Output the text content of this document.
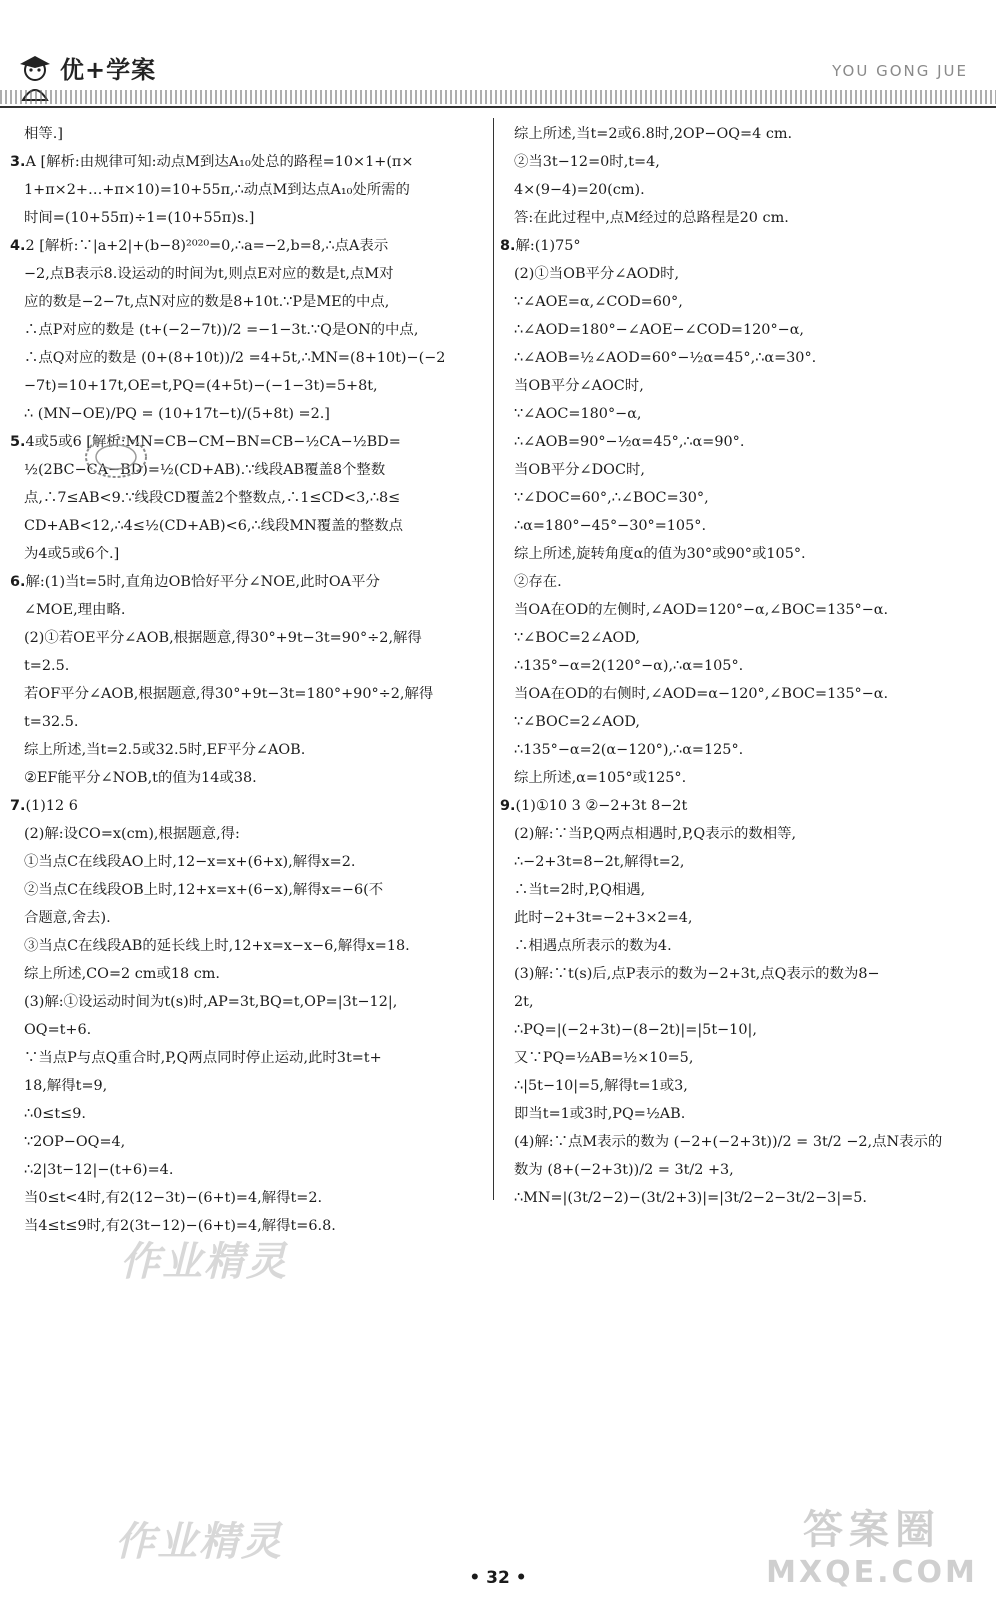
优+学案	YOU GONG JUE
相等.]
3.A [解析:由规律可知:动点M到达A₁₀处总的路程=10×1+(π×
1+π×2+…+π×10)=10+55π,∴动点M到达点A₁₀处所需的
时间=(10+55π)÷1=(10+55π)s.]
4.2 [解析:∵|a+2|+(b−8)²⁰²⁰=0,∴a=−2,b=8,∴点A表示
−2,点B表示8.设运动的时间为t,则点E对应的数是t,点M对
应的数是−2−7t,点N对应的数是8+10t.∵P是ME的中点,
∴点P对应的数是 (t+(−2−7t))/2 =−1−3t.∵Q是ON的中点,
∴点Q对应的数是 (0+(8+10t))/2 =4+5t,∴MN=(8+10t)−(−2
−7t)=10+17t,OE=t,PQ=(4+5t)−(−1−3t)=5+8t,
∴ (MN−OE)/PQ = (10+17t−t)/(5+8t) =2.]
5.4或5或6 [解析:MN=CB−CM−BN=CB−½CA−½BD=
½(2BC−CA−BD)=½(CD+AB).∵线段AB覆盖8个整数
点,∴7≤AB<9.∵线段CD覆盖2个整数点,∴1≤CD<3,∴8≤
CD+AB<12,∴4≤½(CD+AB)<6,∴线段MN覆盖的整数点
为4或5或6个.]
6.解:(1)当t=5时,直角边OB恰好平分∠NOE,此时OA平分
∠MOE,理由略.
(2)①若OE平分∠AOB,根据题意,得30°+9t−3t=90°÷2,解得
t=2.5.
若OF平分∠AOB,根据题意,得30°+9t−3t=180°+90°÷2,解得
t=32.5.
综上所述,当t=2.5或32.5时,EF平分∠AOB.
②EF能平分∠NOB,t的值为14或38.
7.(1)12 6
(2)解:设CO=x(cm),根据题意,得:
①当点C在线段AO上时,12−x=x+(6+x),解得x=2.
②当点C在线段OB上时,12+x=x+(6−x),解得x=−6(不
合题意,舍去).
③当点C在线段AB的延长线上时,12+x=x−x−6,解得x=18.
综上所述,CO=2 cm或18 cm.
(3)解:①设运动时间为t(s)时,AP=3t,BQ=t,OP=|3t−12|,
OQ=t+6.
∵当点P与点Q重合时,P,Q两点同时停止运动,此时3t=t+
18,解得t=9,
∴0≤t≤9.
∵2OP−OQ=4,
∴2|3t−12|−(t+6)=4.
当0≤t<4时,有2(12−3t)−(6+t)=4,解得t=2.
当4≤t≤9时,有2(3t−12)−(6+t)=4,解得t=6.8.
综上所述,当t=2或6.8时,2OP−OQ=4 cm.
②当3t−12=0时,t=4,
4×(9−4)=20(cm).
答:在此过程中,点M经过的总路程是20 cm.
8.解:(1)75°
(2)①当OB平分∠AOD时,
∵∠AOE=α,∠COD=60°,
∴∠AOD=180°−∠AOE−∠COD=120°−α,
∴∠AOB=½∠AOD=60°−½α=45°,∴α=30°.
当OB平分∠AOC时,
∵∠AOC=180°−α,
∴∠AOB=90°−½α=45°,∴α=90°.
当OB平分∠DOC时,
∵∠DOC=60°,∴∠BOC=30°,
∴α=180°−45°−30°=105°.
综上所述,旋转角度α的值为30°或90°或105°.
②存在.
当OA在OD的左侧时,∠AOD=120°−α,∠BOC=135°−α.
∵∠BOC=2∠AOD,
∴135°−α=2(120°−α),∴α=105°.
当OA在OD的右侧时,∠AOD=α−120°,∠BOC=135°−α.
∵∠BOC=2∠AOD,
∴135°−α=2(α−120°),∴α=125°.
综上所述,α=105°或125°.
9.(1)①10 3 ②−2+3t 8−2t
(2)解:∵当P,Q两点相遇时,P,Q表示的数相等,
∴−2+3t=8−2t,解得t=2,
∴当t=2时,P,Q相遇,
此时−2+3t=−2+3×2=4,
∴相遇点所表示的数为4.
(3)解:∵t(s)后,点P表示的数为−2+3t,点Q表示的数为8−
2t,
∴PQ=|(−2+3t)−(8−2t)|=|5t−10|,
又∵PQ=½AB=½×10=5,
∴|5t−10|=5,解得t=1或3,
即当t=1或3时,PQ=½AB.
(4)解:∵点M表示的数为 (−2+(−2+3t))/2 = 3t/2 −2,点N表示的
数为 (8+(−2+3t))/2 = 3t/2 +3,
∴MN=|(3t/2−2)−(3t/2+3)|=|3t/2−2−3t/2−3|=5.
作业精灵
作业精灵	答案圈
MXQE.COM
• 32 •
